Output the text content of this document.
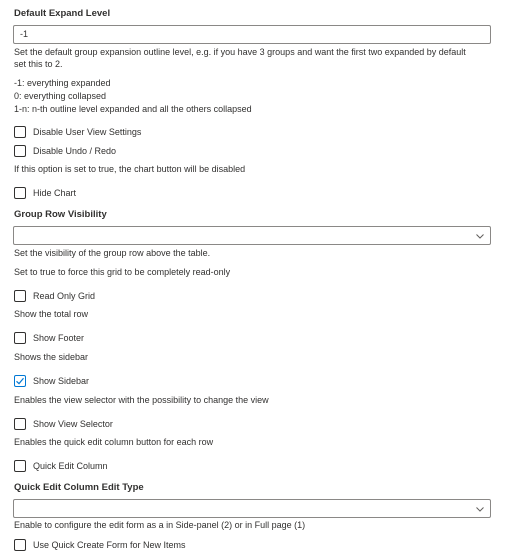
Default Expand Level
-1
Set the default group expansion outline level, e.g. if you have 3 groups and want the first two expanded by default
set this to 2.
-1: everything expanded
0: everything collapsed
1-n: n-th outline level expanded and all the others collapsed
Disable User View Settings
Disable Undo / Redo
If this option is set to true, the chart button will be disabled
Hide Chart
Group Row Visibility
Set the visibility of the group row above the table.
Set to true to force this grid to be completely read-only
Read Only Grid
Show the total row
Show Footer
Shows the sidebar
Show Sidebar
Enables the view selector with the possibility to change the view
Show View Selector
Enables the quick edit column button for each row
Quick Edit Column
Quick Edit Column Edit Type
Enable to configure the edit form as a in Side-panel (2) or in Full page (1)
Use Quick Create Form for New Items
